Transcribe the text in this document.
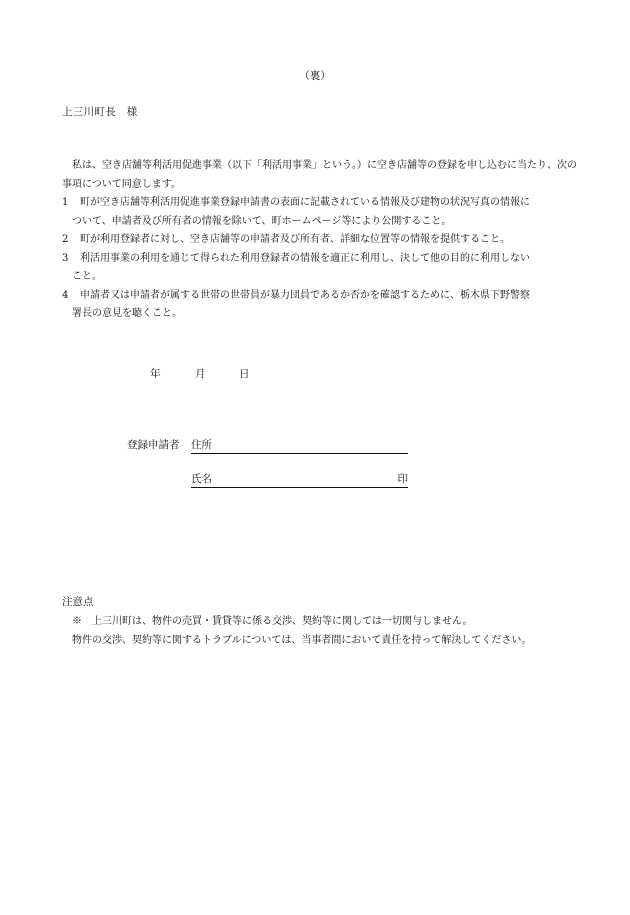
（裏）
上三川町長　様
私は、空き店舗等利活用促進事業（以下「利活用事業」という。）に空き店舗等の登録を申し込むに当たり、次の事項について同意します。
1	町が空き店舗等利活用促進事業登録申請書の表面に記載されている情報及び建物の状況写真の情報に
ついて、申請者及び所有者の情報を除いて、町ホームページ等により公開すること。
2	町が利用登録者に対し、空き店舗等の申請者及び所有者、詳細な位置等の情報を提供すること。
3	利活用事業の利用を通じて得られた利用登録者の情報を適正に利用し、決して他の目的に利用しない
こと。
4	申請者又は申請者が属する世帯の世帯員が暴力団員であるか否かを確認するために、栃木県下野警察
署長の意見を聴くこと。
年	月	日
登録申請者 住所
氏名	印
注意点
※　上三川町は、物件の売買・賃貸等に係る交渉、契約等に関しては一切関与しません。
物件の交渉、契約等に関するトラブルについては、当事者間において責任を持って解決してください。
